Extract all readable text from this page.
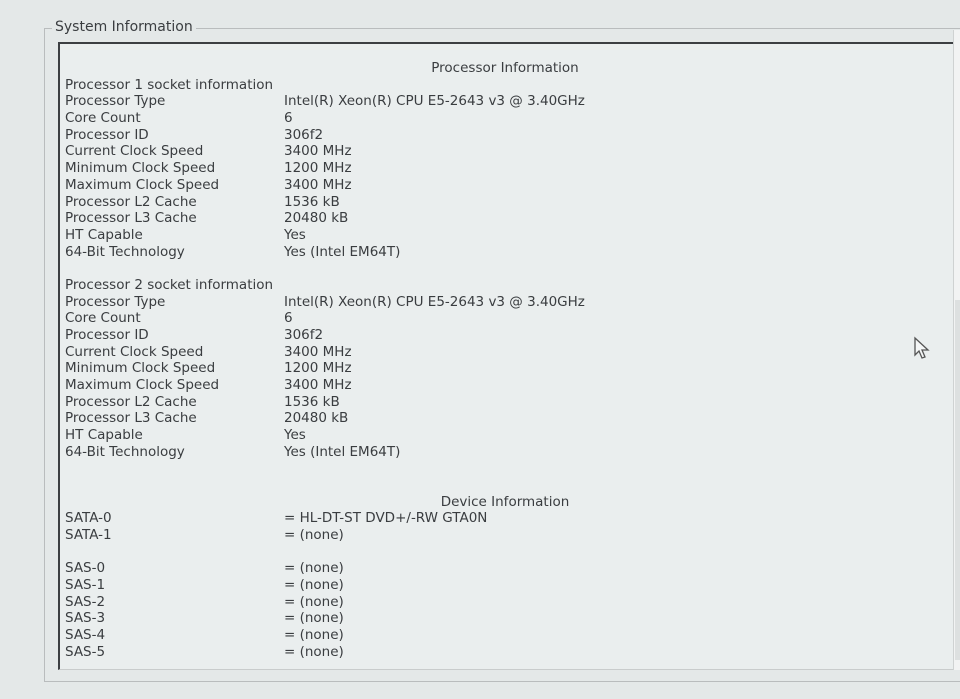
System Information
Processor Information
Processor 1 socket information
Processor Type	Intel(R) Xeon(R) CPU E5-2643 v3 @ 3.40GHz
Core Count	6
Processor ID	306f2
Current Clock Speed	3400 MHz
Minimum Clock Speed	1200 MHz
Maximum Clock Speed	3400 MHz
Processor L2 Cache	1536 kB
Processor L3 Cache	20480 kB
HT Capable	Yes
64-Bit Technology	Yes (Intel EM64T)
Processor 2 socket information
Processor Type	Intel(R) Xeon(R) CPU E5-2643 v3 @ 3.40GHz
Core Count	6
Processor ID	306f2
Current Clock Speed	3400 MHz
Minimum Clock Speed	1200 MHz
Maximum Clock Speed	3400 MHz
Processor L2 Cache	1536 kB
Processor L3 Cache	20480 kB
HT Capable	Yes
64-Bit Technology	Yes (Intel EM64T)
Device Information
SATA-0	= HL-DT-ST DVD+/-RW GTA0N
SATA-1	= (none)
SAS-0	= (none)
SAS-1	= (none)
SAS-2	= (none)
SAS-3	= (none)
SAS-4	= (none)
SAS-5	= (none)
